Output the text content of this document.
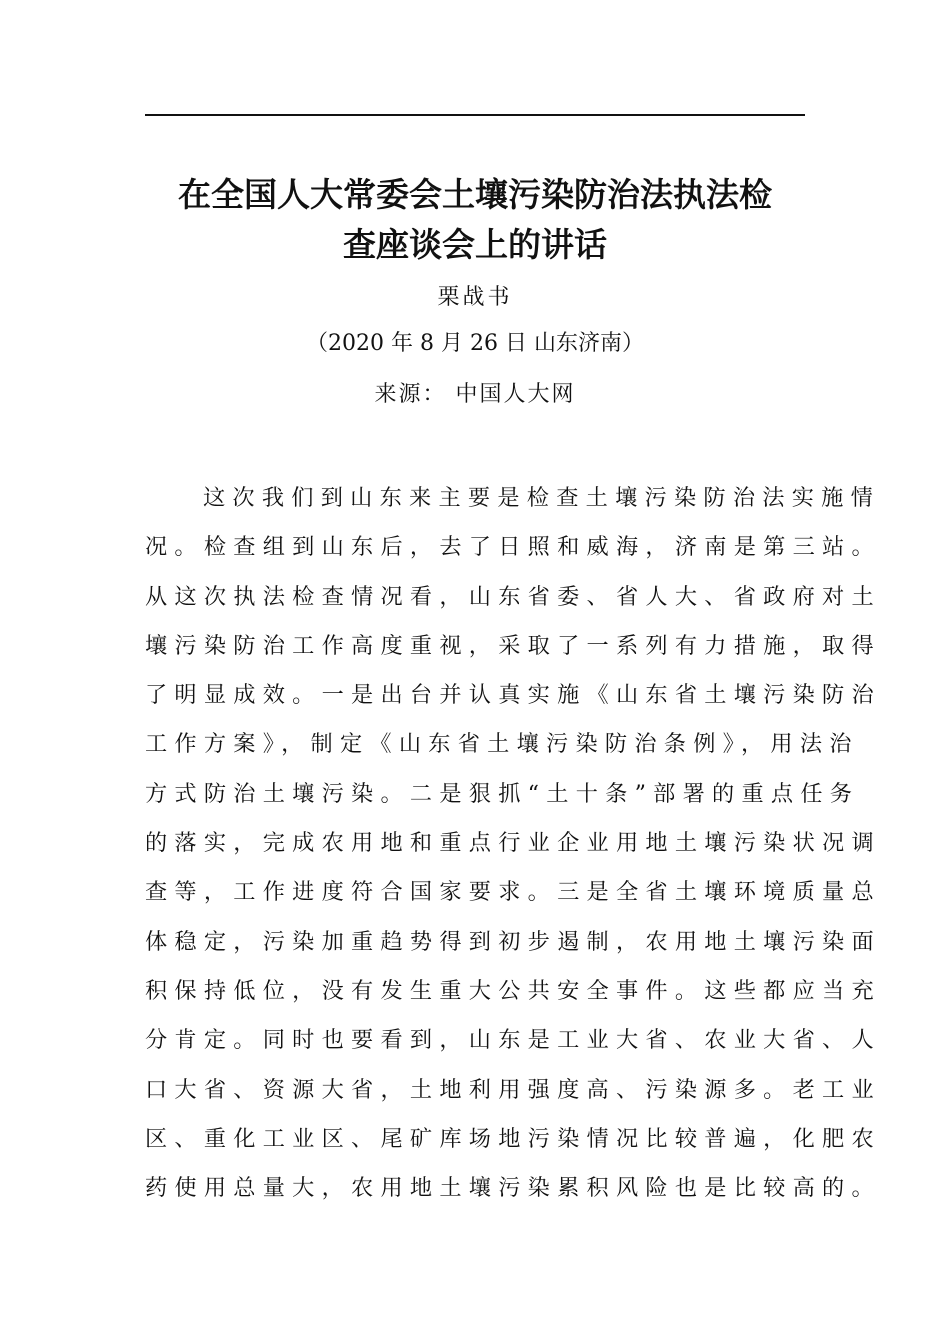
在全国人大常委会土壤污染防治法执法检
查座谈会上的讲话
栗战书
（2020 年 8 月 26 日 山东济南）
来源： 中国人大网
这次我们到山东来主要是检查土壤污染防治法实施情
况。检查组到山东后，去了日照和威海，济南是第三站。
从这次执法检查情况看，山东省委、省人大、省政府对土
壤污染防治工作高度重视，采取了一系列有力措施，取得
了明显成效。一是出台并认真实施《山东省土壤污染防治
工作方案》，制定《山东省土壤污染防治条例》，用法治
方式防治土壤污染。二是狠抓“土十条”部署的重点任务
的落实，完成农用地和重点行业企业用地土壤污染状况调
查等，工作进度符合国家要求。三是全省土壤环境质量总
体稳定，污染加重趋势得到初步遏制，农用地土壤污染面
积保持低位，没有发生重大公共安全事件。这些都应当充
分肯定。同时也要看到，山东是工业大省、农业大省、人
口大省、资源大省，土地利用强度高、污染源多。老工业
区、重化工业区、尾矿库场地污染情况比较普遍，化肥农
药使用总量大，农用地土壤污染累积风险也是比较高的。
